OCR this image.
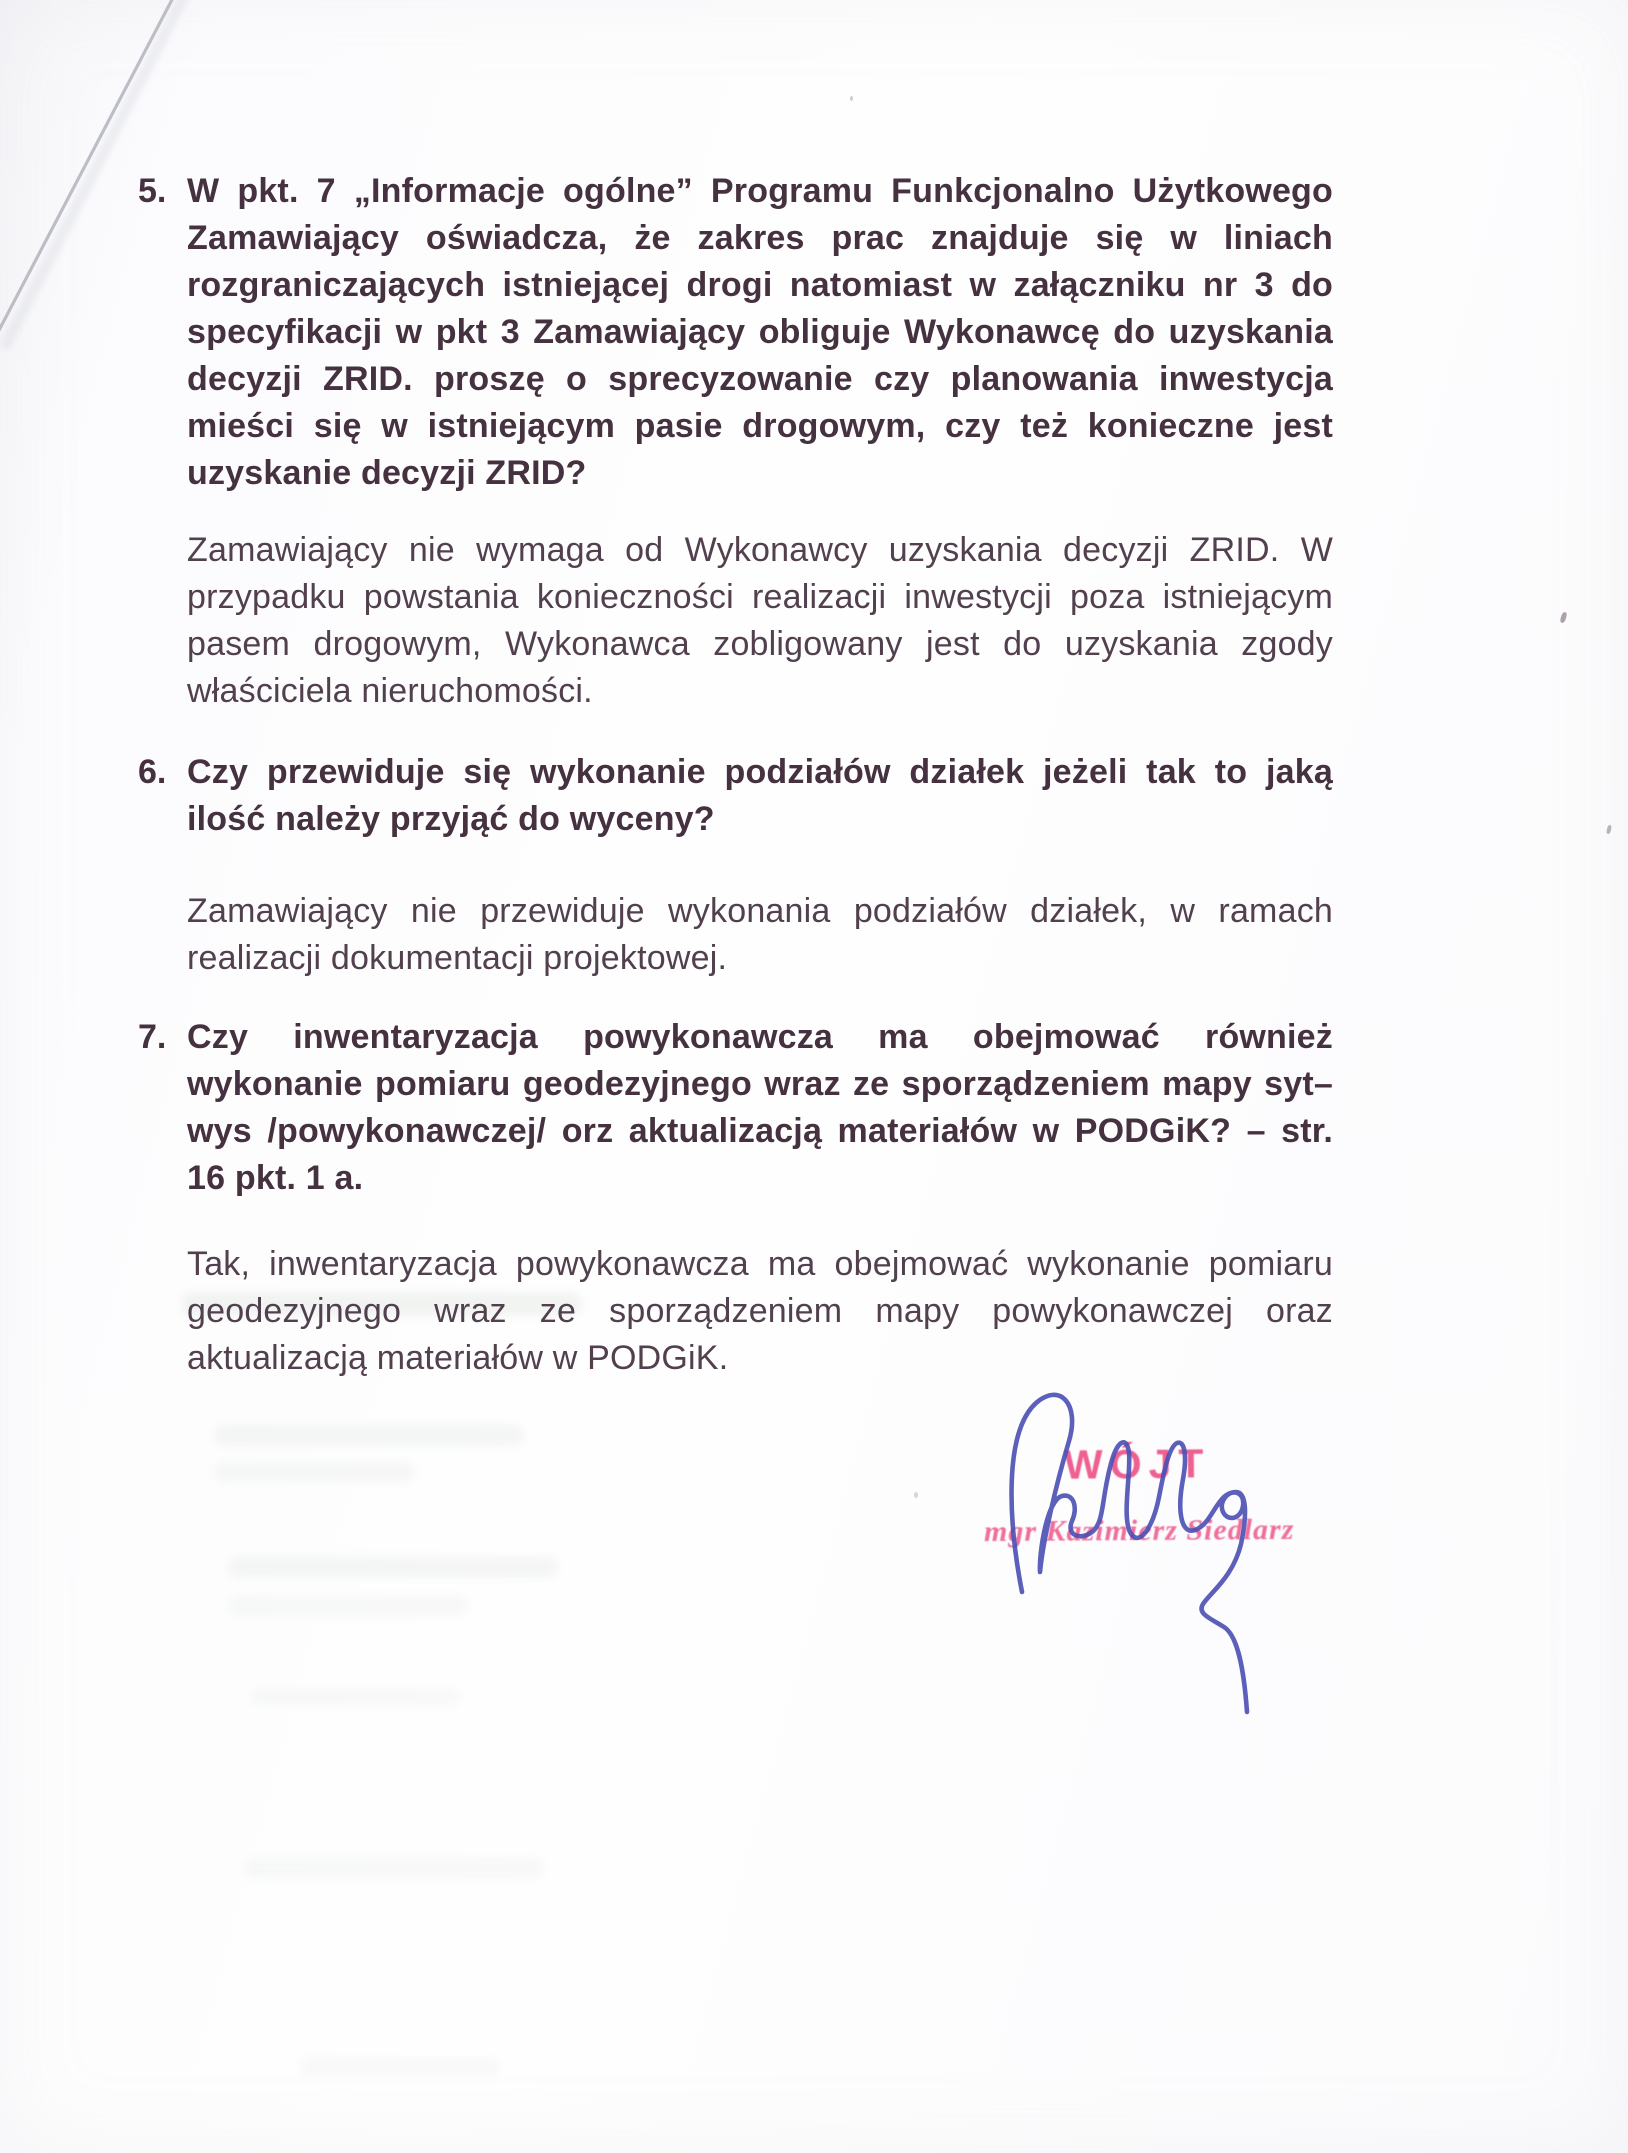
5. W pkt. 7 „Informacje ogólne” Programu Funkcjonalno Użytkowego Zamawiający oświadcza, że zakres prac znajduje się w liniach rozgraniczających istniejącej drogi natomiast w załączniku nr 3 do specyfikacji w pkt 3 Zamawiający obliguje Wykonawcę do uzyskania decyzji ZRID. proszę o sprecyzowanie czy planowania inwestycja mieści się w istniejącym pasie drogowym, czy też konieczne jest uzyskanie decyzji ZRID?

Zamawiający nie wymaga od Wykonawcy uzyskania decyzji ZRID. W przypadku powstania konieczności realizacji inwestycji poza istniejącym pasem drogowym, Wykonawca zobligowany jest do uzyskania zgody właściciela nieruchomości.

6. Czy przewiduje się wykonanie podziałów działek jeżeli tak to jaką ilość należy przyjąć do wyceny?

Zamawiający nie przewiduje wykonania podziałów działek, w ramach realizacji dokumentacji projektowej.

7. Czy inwentaryzacja powykonawcza ma obejmować również wykonanie pomiaru geodezyjnego wraz ze sporządzeniem mapy syt–wys /powykonawczej/ orz aktualizacją materiałów w PODGiK? – str. 16 pkt. 1 a.

Tak, inwentaryzacja powykonawcza ma obejmować wykonanie pomiaru geodezyjnego wraz ze sporządzeniem mapy powykonawczej oraz aktualizacją materiałów w PODGiK.

WÓJT
mgr Kazimierz Siedlarz
